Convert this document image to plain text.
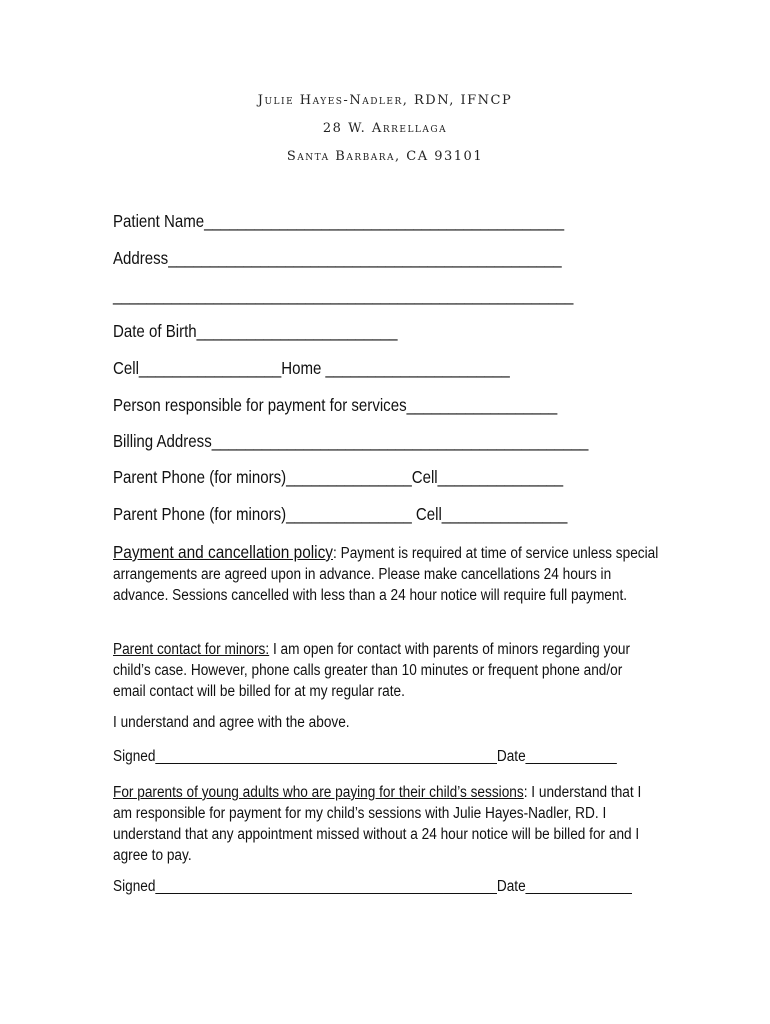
Julie Hayes-Nadler, RDN, IFNCP
28 W. Arrellaga
Santa Barbara, CA 93101
Patient Name___________________________________________
Address_______________________________________________
_______________________________________________________
Date of Birth________________________
Cell_________________Home ______________________
Person responsible for payment for services__________________
Billing Address_____________________________________________
Parent Phone (for minors)_______________Cell_______________
Parent Phone (for minors)_______________ Cell_______________
Payment and cancellation policy: Payment is required at time of service unless special arrangements are agreed upon in advance. Please make cancellations 24 hours in advance. Sessions cancelled with less than a 24 hour notice will require full payment.
Parent contact for minors: I am open for contact with parents of minors regarding your child’s case. However, phone calls greater than 10 minutes or frequent phone and/or email contact will be billed for at my regular rate.
I understand and agree with the above.
Signed_____________________________________________Date____________
For parents of young adults who are paying for their child’s sessions: I understand that I am responsible for payment for my child’s sessions with Julie Hayes-Nadler, RD. I understand that any appointment missed without a 24 hour notice will be billed for and I agree to pay.
Signed_____________________________________________Date______________
